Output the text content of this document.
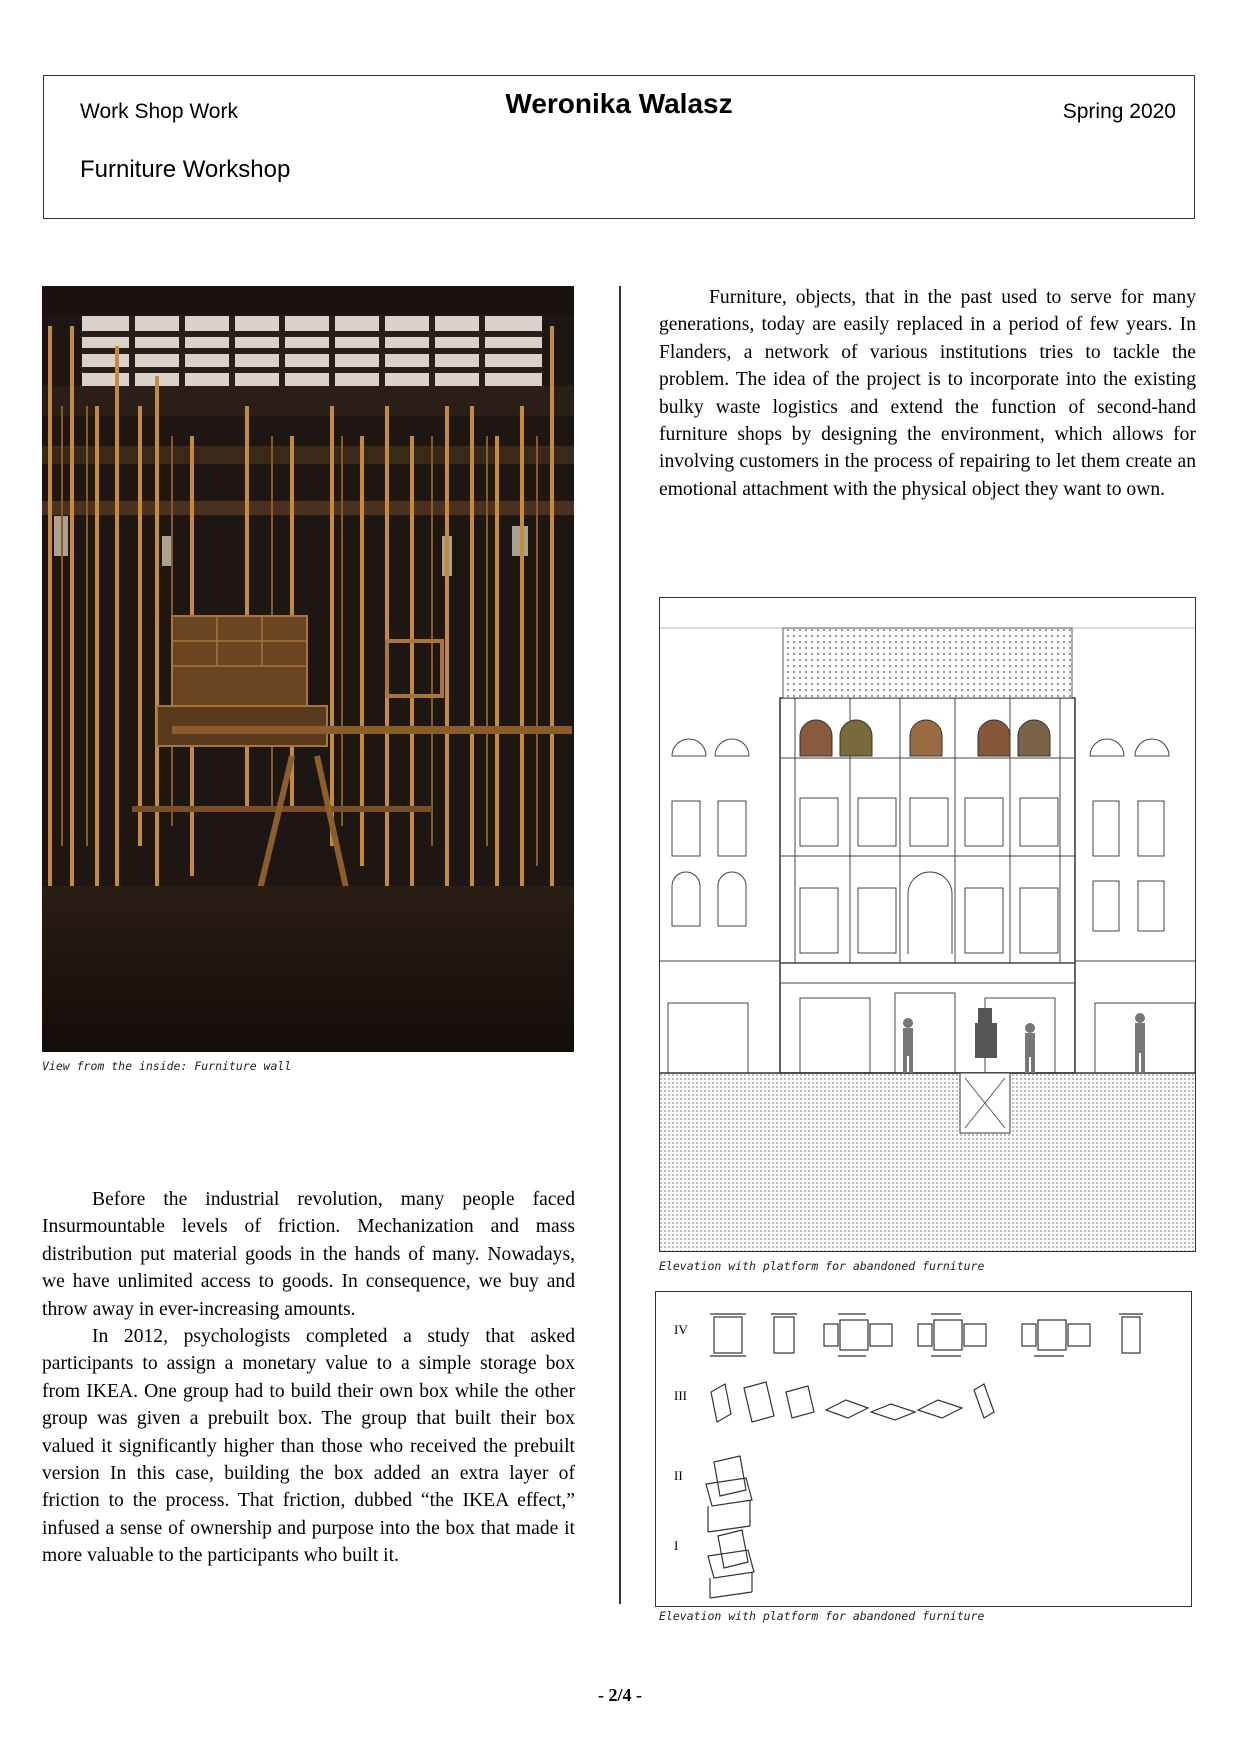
Work Shop Work
Furniture Workshop
Weronika Walasz	Spring 2020
View from the inside: Furniture wall

Before the industrial revolution, many people faced Insurmountable levels of friction. Mechanization and mass distribution put material goods in the hands of many. Nowadays, we have unlimited access to goods. In consequence, we buy and throw away in ever-increasing amounts.

In 2012, psychologists completed a study that asked participants to assign a monetary value to a simple storage box from IKEA. One group had to build their own box while the other group was given a prebuilt box. The group that built their box valued it significantly higher than those who received the prebuilt version In this case, building the box added an extra layer of friction to the process. That friction, dubbed “the IKEA effect,” infused a sense of ownership and purpose into the box that made it more valuable to the participants who built it.

Furniture, objects, that in the past used to serve for many generations, today are easily replaced in a period of few years. In Flanders, a network of various institutions tries to tackle the problem. The idea of the project is to incorporate into the existing bulky waste logistics and extend the function of second-hand furniture shops by designing the environment, which allows for involving customers in the process of repairing to let them create an emotional attachment with the physical object they want to own.

Elevation with platform for abandoned furniture
IV
III
II
I
Elevation with platform for abandoned furniture
- 2/4 -
